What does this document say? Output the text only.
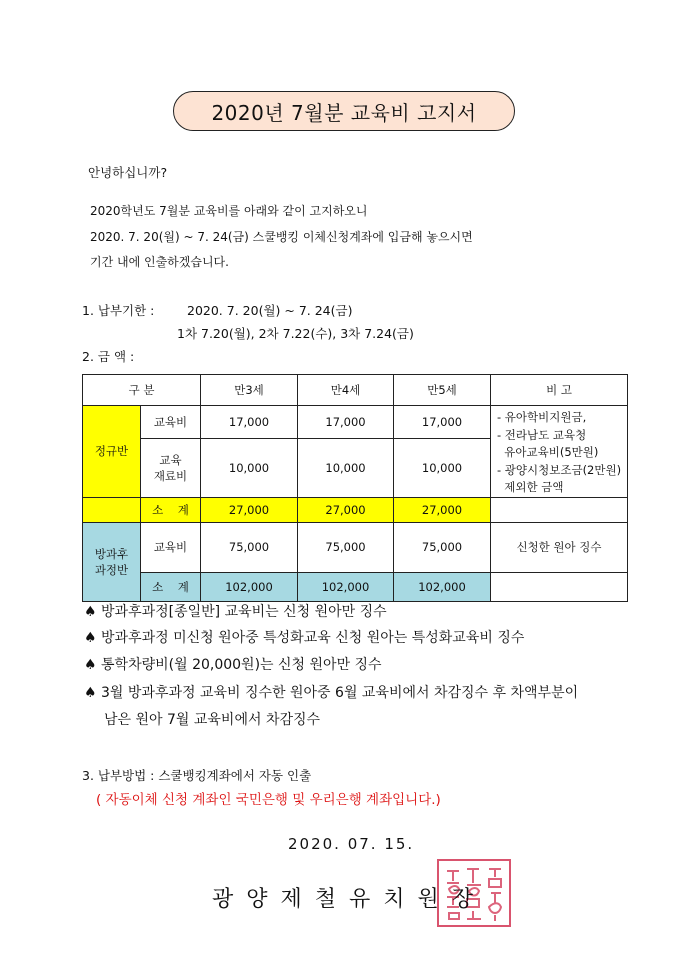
2020년 7월분 교육비 고지서
안녕하십니까?
2020학년도 7월분 교육비를 아래와 같이 고지하오니
2020. 7. 20(월) ~ 7. 24(금) 스쿨뱅킹 이체신청계좌에 입금해 놓으시면
기간 내에 인출하겠습니다.
1. 납부기한 :	2020. 7. 20(월) ~ 7. 24(금)
1차 7.20(월), 2차 7.22(수), 3차 7.24(금)
2. 금 액 :
구 분		만3세	만4세	만5세	비 고
정규반	교육비	17,000	17,000	17,000	- 유아학비지원금,
- 전라남도 교육청
유아교육비(5만원)
- 광양시청보조금(2만원)
제외한 금액

	교육
재료비	10,000	10,000	10,000	
	소    계	27,000	27,000	27,000	

방과후
과정반	교육비	75,000	75,000	75,000	신청한 원아 징수
	소    계	102,000	102,000	102,000	
♠ 방과후과정[종일반] 교육비는 신청 원아만 징수
♠ 방과후과정 미신청 원아중 특성화교육 신청 원아는 특성화교육비 징수
♠ 통학차량비(월 20,000원)는 신청 원아만 징수
♠ 3월 방과후과정 교육비 징수한 원아중 6월 교육비에서 차감징수 후 차액부분이
남은 원아 7월 교육비에서 차감징수
3. 납부방법 : 스쿨뱅킹계좌에서 자동 인출
( 자동이체 신청 계좌인 국민은행 및 우리은행 계좌입니다.)
2020. 07. 15.
광양제철유치원장
